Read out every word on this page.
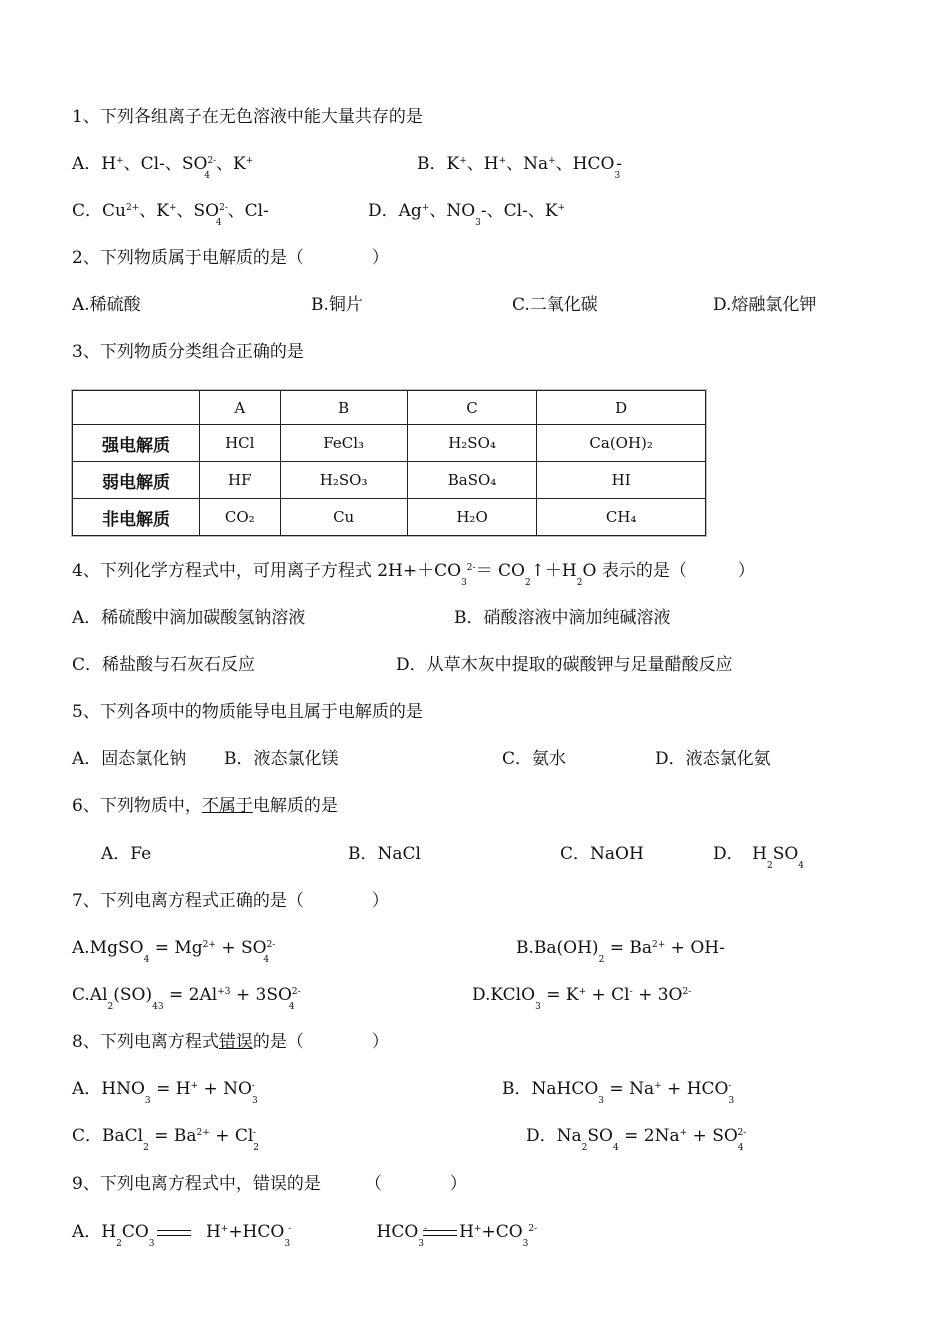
1、下列各组离子在无色溶液中能大量共存的是
A．H+、Cl-、$SO^{2-}_4$、K+	B．K+、H+、Na+、$HCO_3-$
C．$Cu^{2+}$、K+、$SO^{2-}_4$、Cl-	D．Ag+、$NO_3-$、Cl-、K+
2、下列物质属于电解质的是（　　　　）
A.稀硫酸	B.铜片	C.二氧化碳	D.熔融氯化钾
3、下列物质分类组合正确的是
	A	B	C	D
强电解质	HCl	FeCl₃	H₂SO₄	Ca(OH)₂
弱电解质	HF	H₂SO₃	BaSO₄	HI
非电解质	CO₂	Cu	H₂O	CH₄
4、下列化学方程式中，可用离子方程式 $2H++CO_3^{2-}=$ $CO_2↑+H_2O$ 表示的是（　　　）
A．稀硫酸中滴加碳酸氢钠溶液	B．硝酸溶液中滴加纯碱溶液
C．稀盐酸与石灰石反应	D．从草木灰中提取的碳酸钾与足量醋酸反应
5、下列各项中的物质能导电且属于电解质的是
A．固态氯化钠 B．液态氯化镁	C．氨水	D．液态氯化氨
6、下列物质中，不属于电解质的是
A．Fe	B．NaCl	C．NaOH	D．　$H_2SO_4$
7、下列电离方程式正确的是（　　　　）
A.MgSO$_4$ = $Mg^{2+} + SO^{2-}_4$
$B.Ba(OH)_2 = Ba^{2+} + OH-$
$C.Al_2(SO)_{43} = 2Al^{+3} + 3SO^{2-}_4$
D.KClO$_3$ = $K^+ + Cl^- + 3O^{2-}$
8、下列电离方程式错误的是（　　　　）
A．$HNO_3 = H^+ + NO_3^-$	B．NaHCO$_3$ = $Na^+ + HCO_3^-$
C．BaCl$_2$ = $Ba^{2+} + Cl_2^-$	D．$Na_2SO_4 = 2Na^+ + SO_4^{2-}$
9、下列电离方程式中，错误的是	（　　　　）
A．$H_2CO_3$ $H^++HCO_3^-$	$HCO_3^-$ $H^++CO_3^{2-}$
